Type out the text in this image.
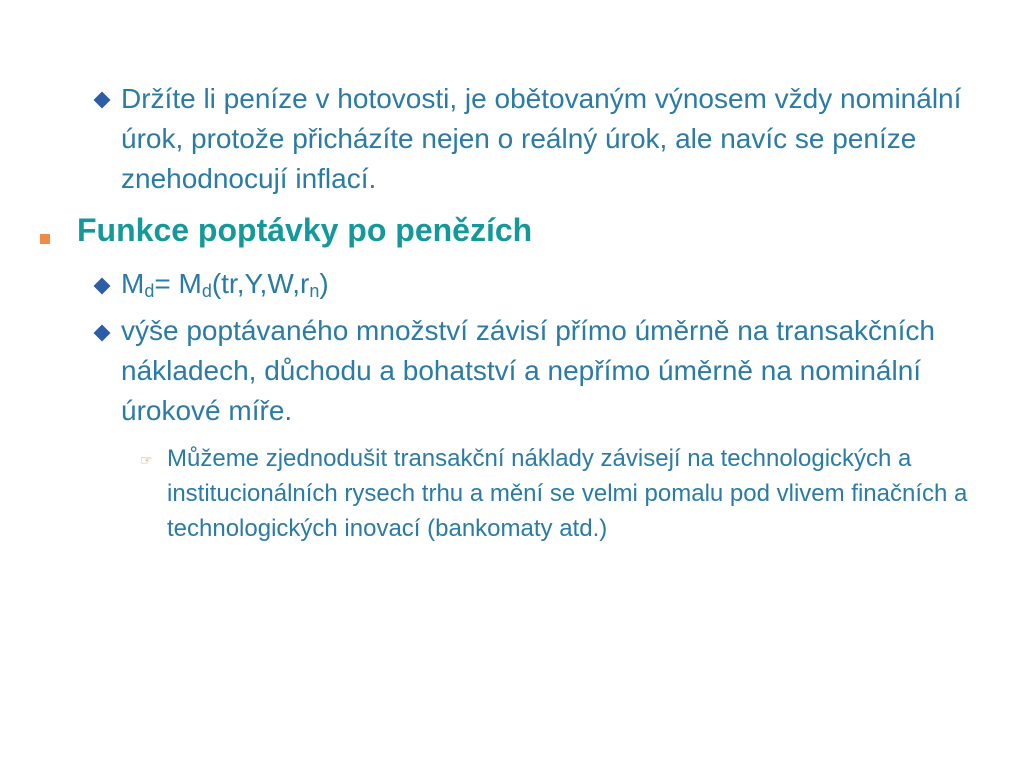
Držíte li peníze v hotovosti, je obětovaným výnosem vždy nominální úrok, protože přicházíte nejen o reálný úrok, ale navíc se peníze znehodnocují inflací.

Funkce poptávky po penězích

$M_d= M_d(tr,Y,W,r_n)$

výše poptávaného množství závisí přímo úměrně na transakčních nákladech, důchodu a bohatství a nepřímo úměrně na nominální úrokové míře.

☞ Můžeme zjednodušit transakční náklady závisejí na technologických a institucionálních rysech trhu a mění se velmi pomalu pod vlivem finačních a technologických inovací (bankomaty atd.)
